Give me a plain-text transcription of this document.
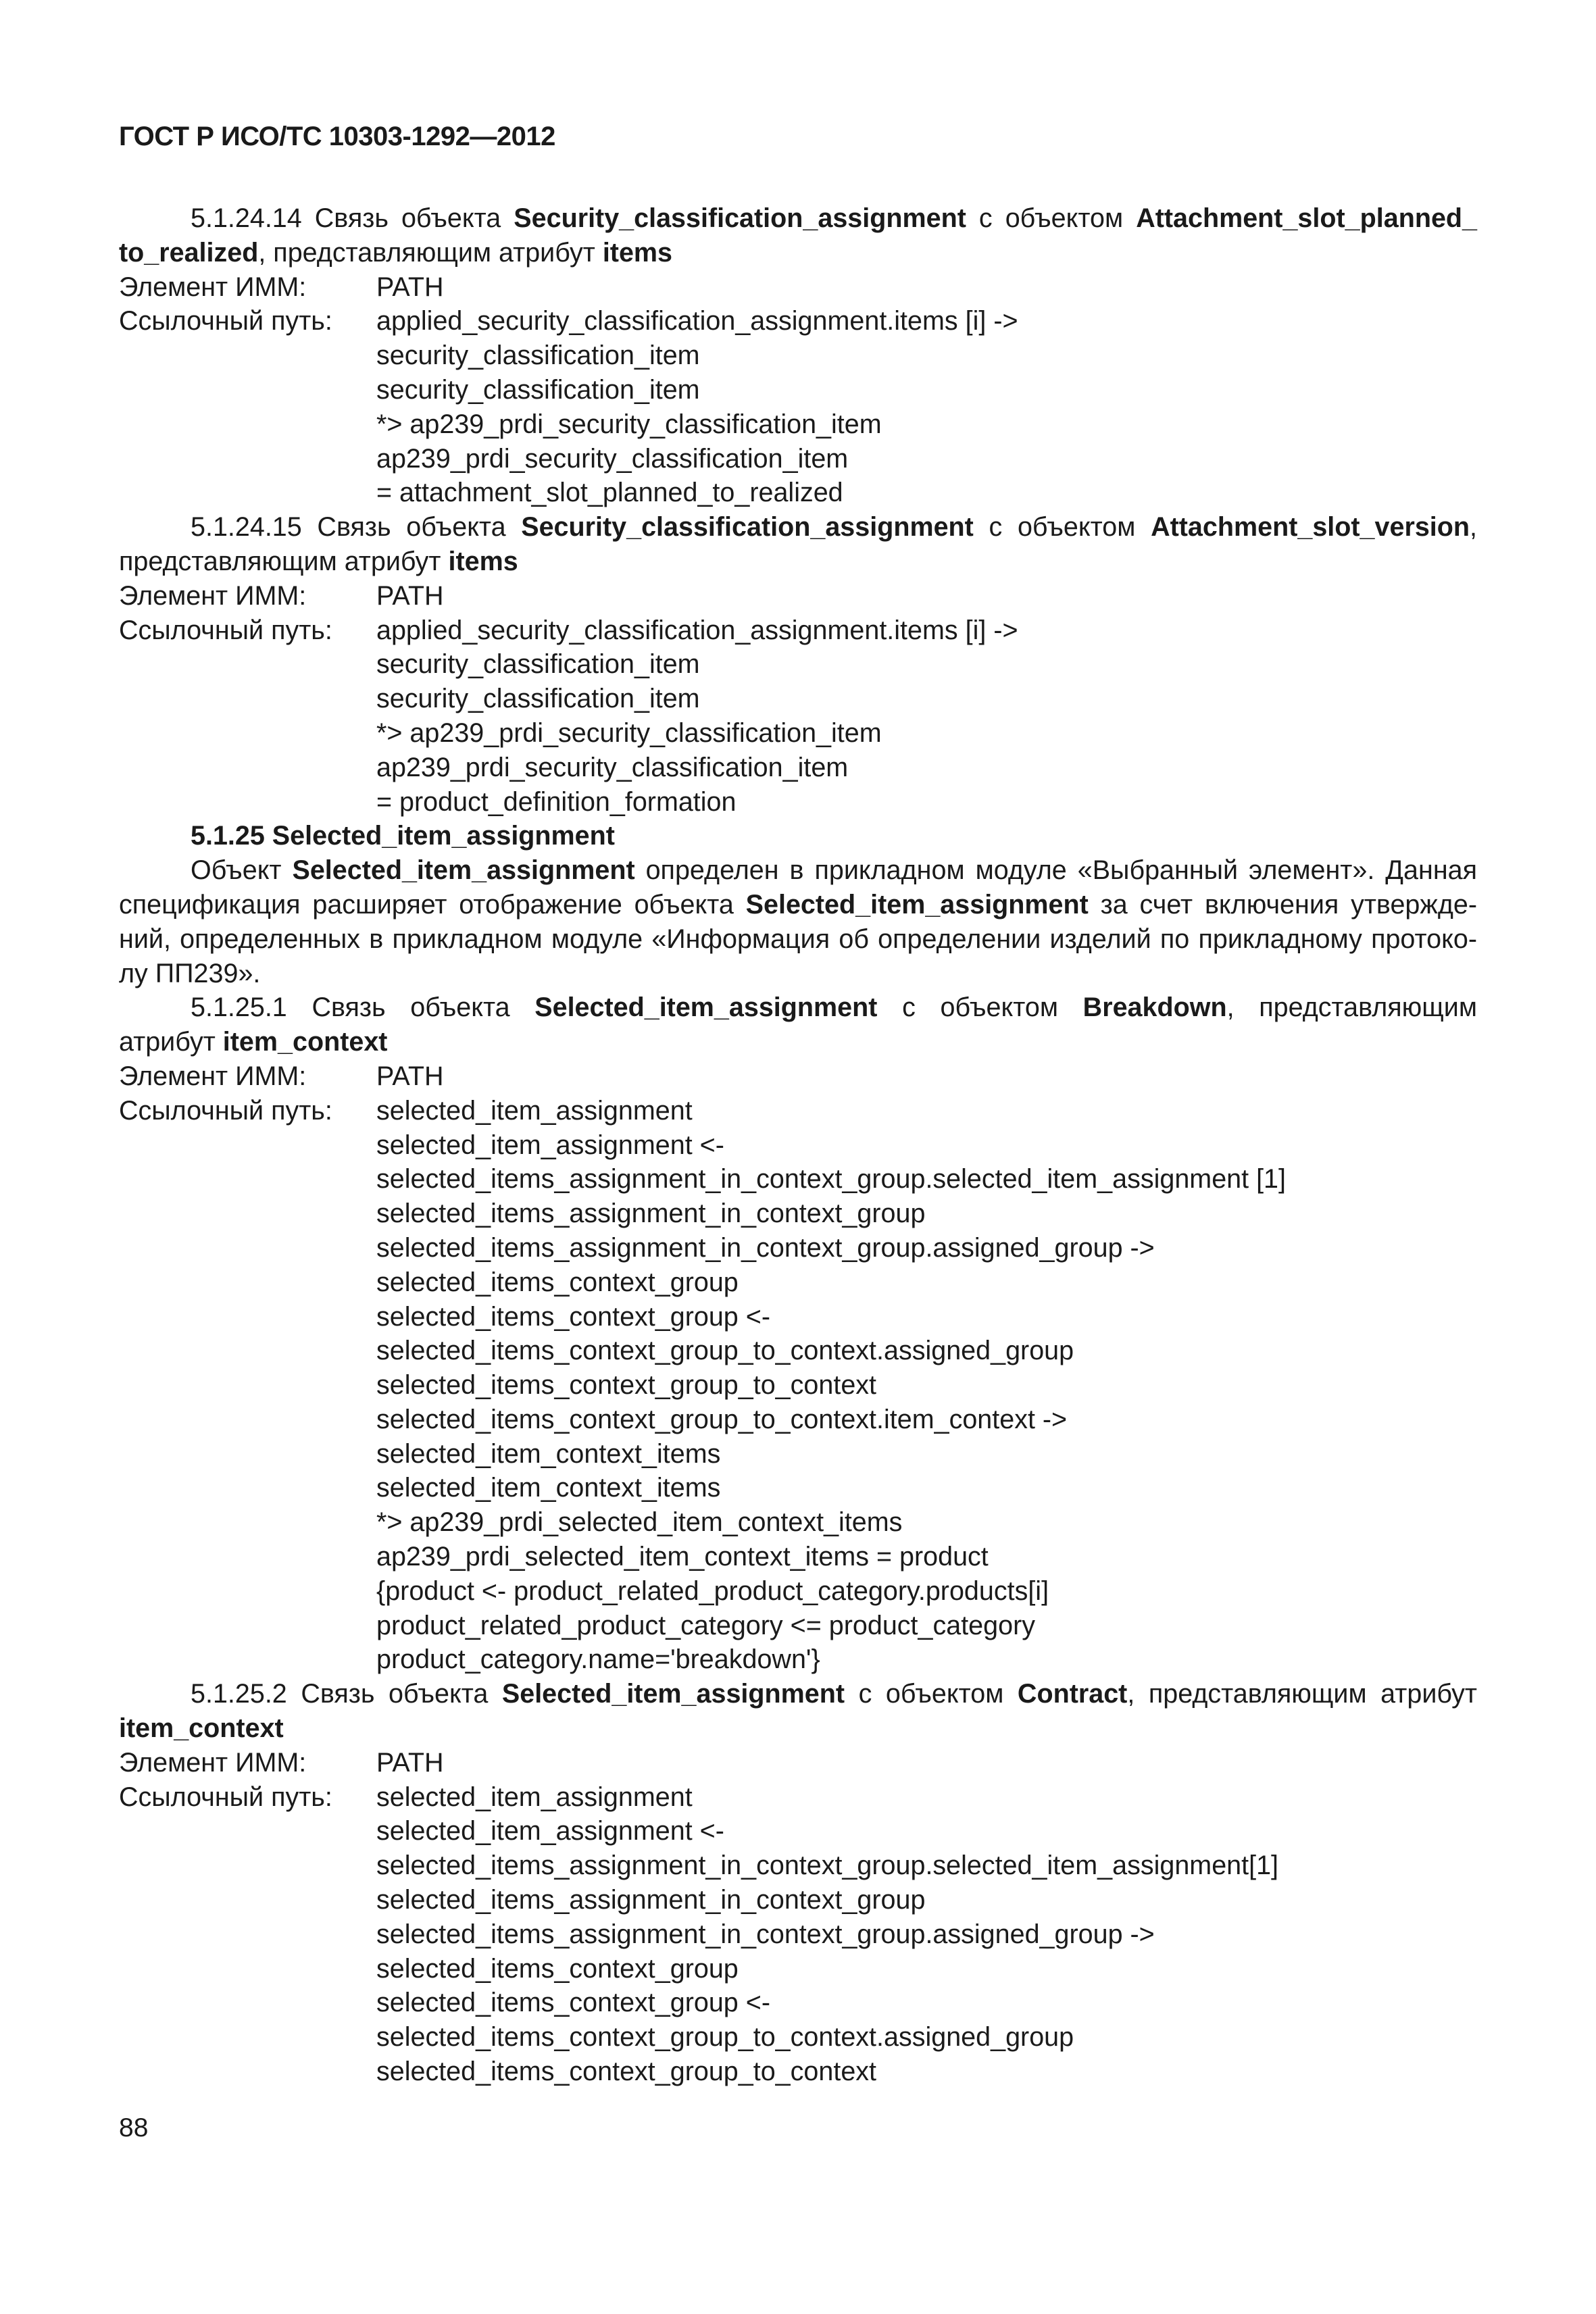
ГОСТ Р ИСО/ТС 10303-1292—2012
5.1.24.14 Связь объекта Security_classification_assignment с объектом Attachment_slot_planned_
to_realized, представляющим атрибут items
Элемент ИММ:	PATH
Ссылочный путь:	applied_security_classification_assignment.items [i] ->
security_classification_item
security_classification_item
*> ap239_prdi_security_classification_item
ap239_prdi_security_classification_item
= attachment_slot_planned_to_realized
5.1.24.15 Связь объекта Security_classification_assignment с объектом Attachment_slot_version,
представляющим атрибут items
Элемент ИММ:	PATH
Ссылочный путь:	applied_security_classification_assignment.items [i] ->
security_classification_item
security_classification_item
*> ap239_prdi_security_classification_item
ap239_prdi_security_classification_item
= product_definition_formation
5.1.25 Selected_item_assignment
Объект Selected_item_assignment определен в прикладном модуле «Выбранный элемент». Данная
спецификация расширяет отображение объекта Selected_item_assignment за счет включения утвержде-
ний, определенных в прикладном модуле «Информация об определении изделий по прикладному протоко-
лу ПП239».
5.1.25.1 Связь объекта Selected_item_assignment с объектом Breakdown, представляющим
атрибут item_context
Элемент ИММ:	PATH
Ссылочный путь:	selected_item_assignment
selected_item_assignment <-
selected_items_assignment_in_context_group.selected_item_assignment [1]
selected_items_assignment_in_context_group
selected_items_assignment_in_context_group.assigned_group ->
selected_items_context_group
selected_items_context_group <-
selected_items_context_group_to_context.assigned_group
selected_items_context_group_to_context
selected_items_context_group_to_context.item_context ->
selected_item_context_items
selected_item_context_items
*> ap239_prdi_selected_item_context_items
ap239_prdi_selected_item_context_items = product
{product <- product_related_product_category.products[i]
product_related_product_category <= product_category
product_category.name='breakdown'}
5.1.25.2 Связь объекта Selected_item_assignment с объектом Contract, представляющим атрибут
item_context
Элемент ИММ:	PATH
Ссылочный путь:	selected_item_assignment
selected_item_assignment <-
selected_items_assignment_in_context_group.selected_item_assignment[1]
selected_items_assignment_in_context_group
selected_items_assignment_in_context_group.assigned_group ->
selected_items_context_group
selected_items_context_group <-
selected_items_context_group_to_context.assigned_group
selected_items_context_group_to_context
88
